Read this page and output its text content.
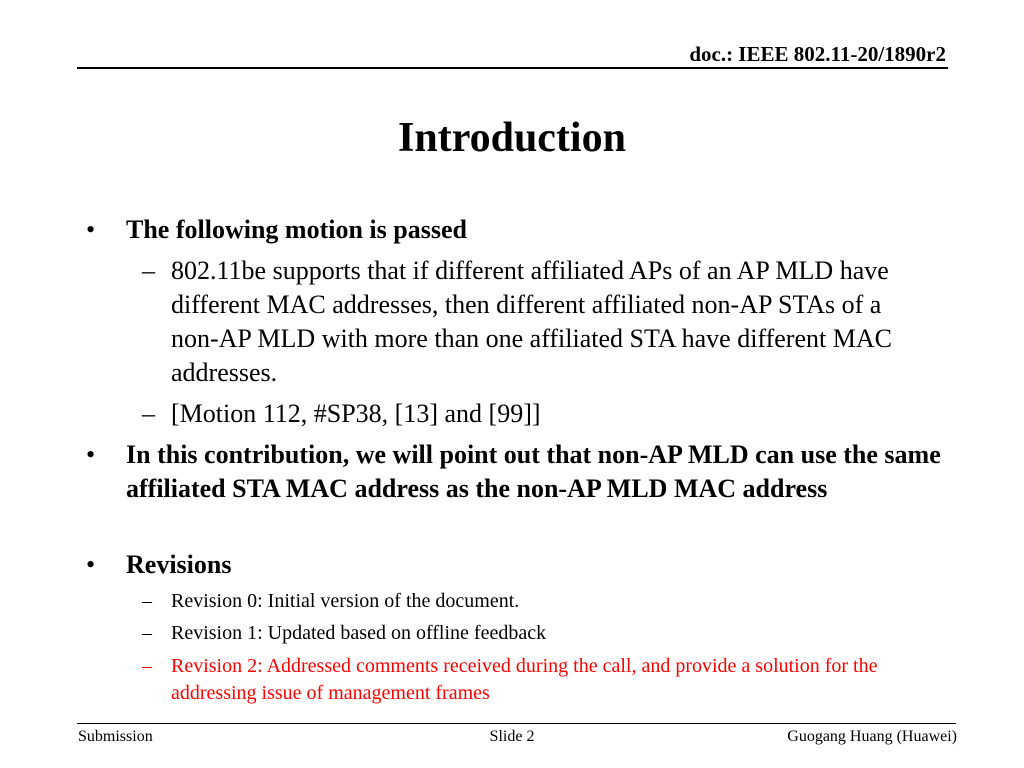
doc.: IEEE 802.11-20/1890r2

Introduction
• The following motion is passed
– 802.11be supports that if different affiliated APs of an AP MLD have different MAC addresses, then different affiliated non-AP STAs of a non-AP MLD with more than one affiliated STA have different MAC addresses.
– [Motion 112, #SP38, [13] and [99]]
• In this contribution, we will point out that non-AP MLD can use the same affiliated STA MAC address as the non-AP MLD MAC address
• Revisions
– Revision 0: Initial version of the document.
– Revision 1: Updated based on offline feedback
– Revision 2: Addressed comments received during the call, and provide a solution for the addressing issue of management frames

Submission	Slide 2	Guogang Huang (Huawei)
